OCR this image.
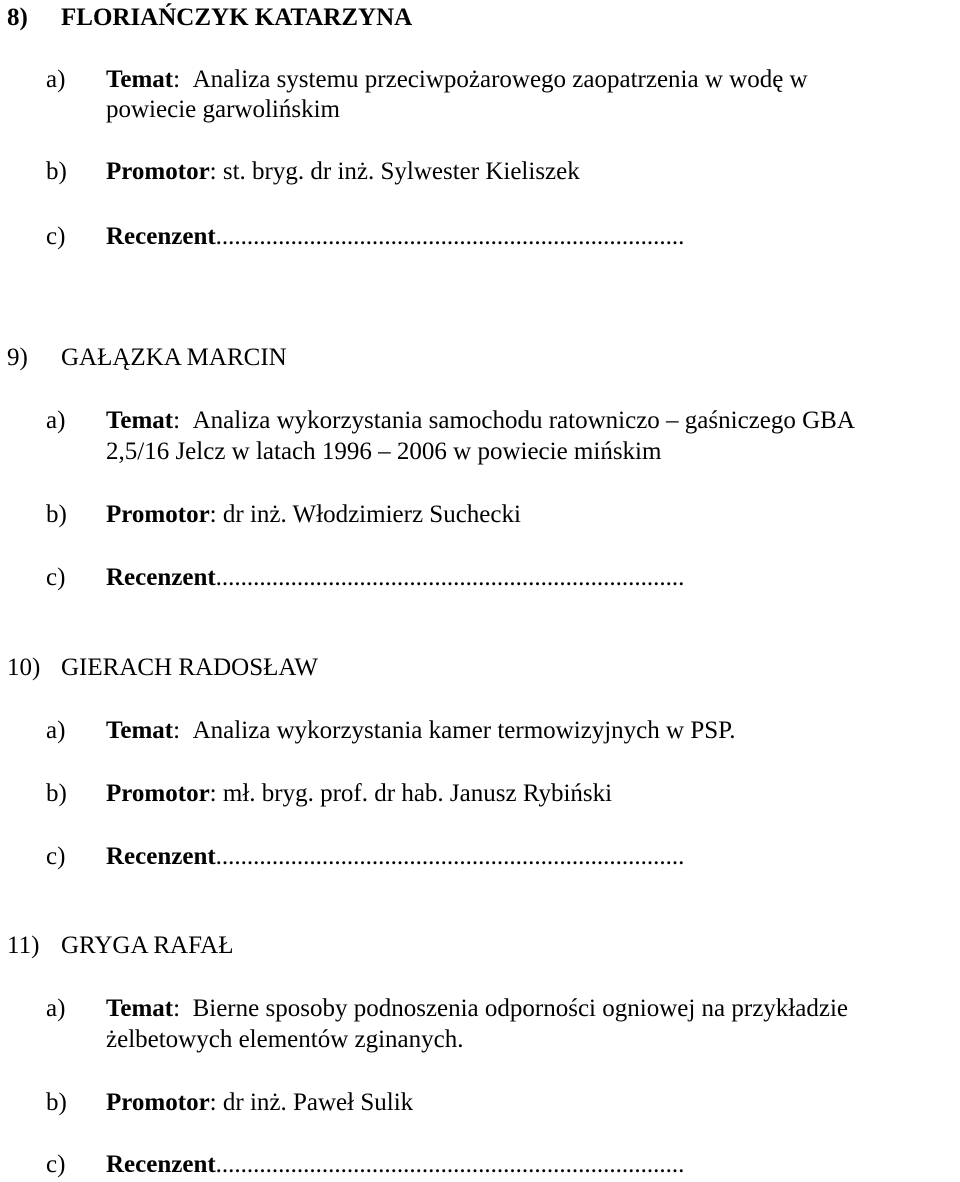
8) FLORIAŃCZYK KATARZYNA
a) Temat:  Analiza systemu przeciwpożarowego zaopatrzenia w wodę w
powiecie garwolińskim
b) Promotor: st. bryg. dr inż. Sylwester Kieliszek
c) Recenzent...........................................................................
9) GAŁĄZKA MARCIN
a) Temat:  Analiza wykorzystania samochodu ratowniczo – gaśniczego GBA
2,5/16 Jelcz w latach 1996 – 2006 w powiecie mińskim
b) Promotor: dr inż. Włodzimierz Suchecki
c) Recenzent...........................................................................
10) GIERACH RADOSŁAW
a) Temat:  Analiza wykorzystania kamer termowizyjnych w PSP.
b) Promotor: mł. bryg. prof. dr hab. Janusz Rybiński
c) Recenzent...........................................................................
11) GRYGA RAFAŁ
a) Temat:  Bierne sposoby podnoszenia odporności ogniowej na przykładzie
żelbetowych elementów zginanych.
b) Promotor: dr inż. Paweł Sulik
c) Recenzent...........................................................................
